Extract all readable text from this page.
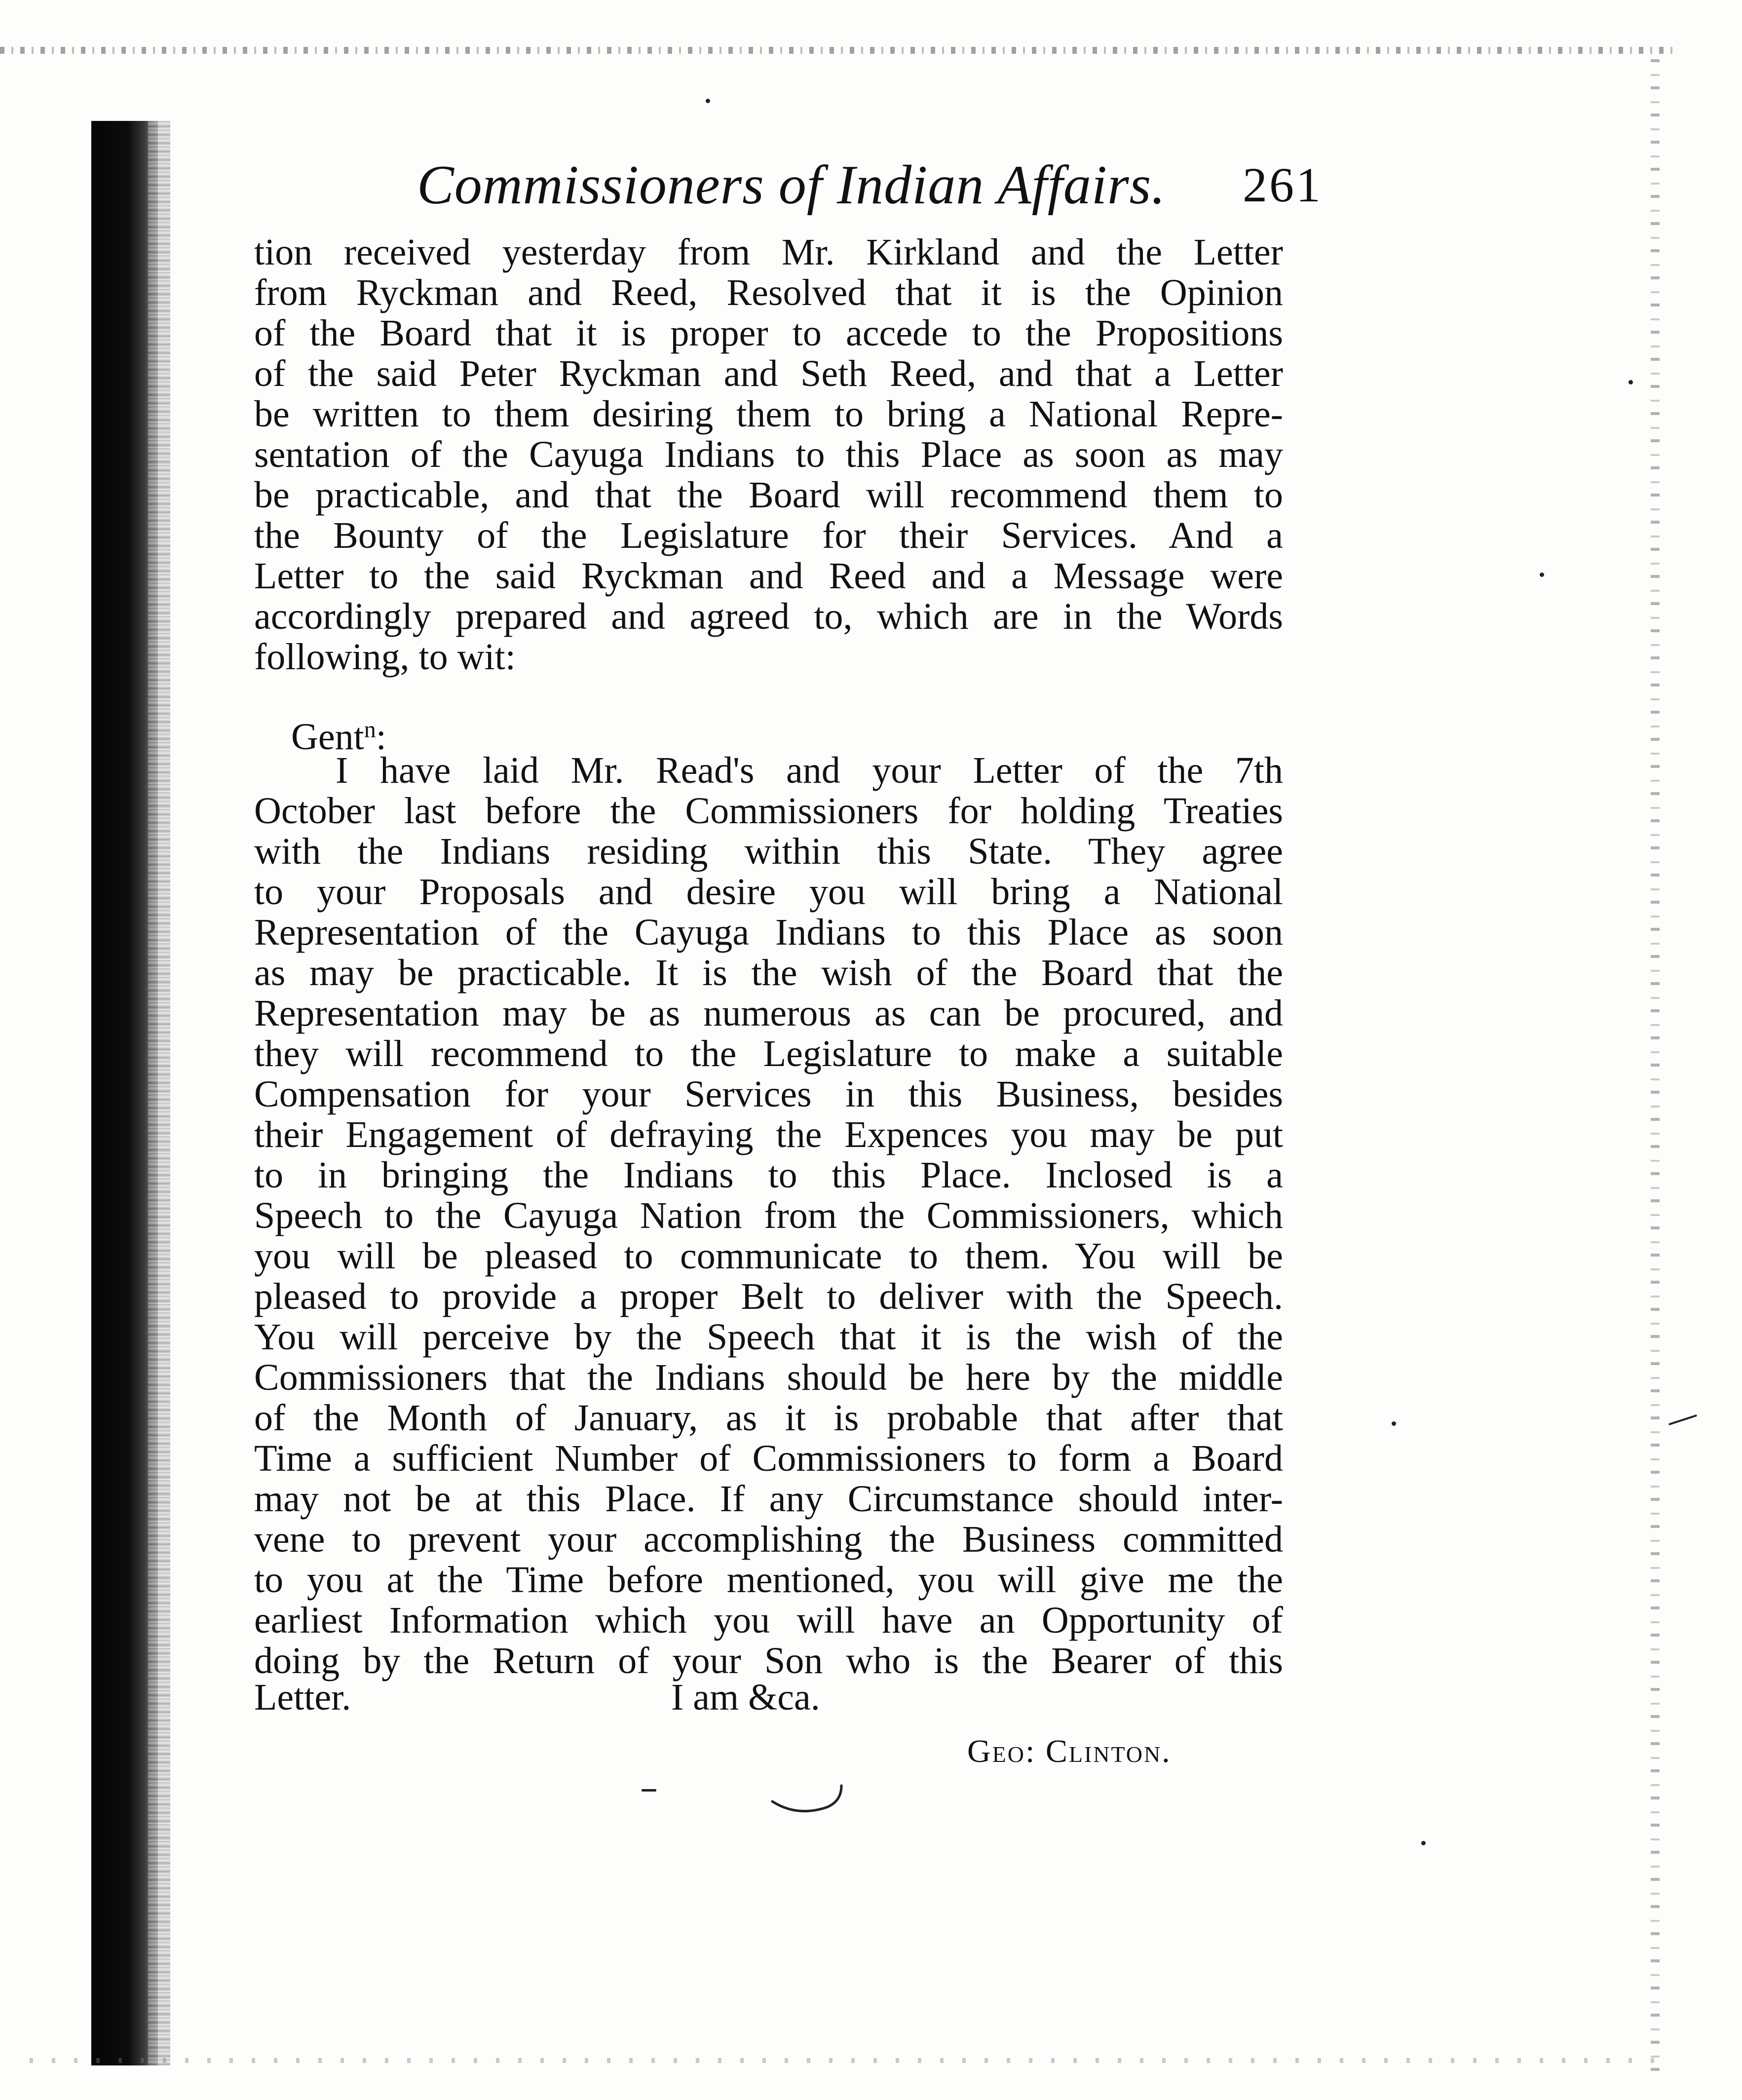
Commissioners of Indian Affairs.	261
tion received yesterday from Mr. Kirkland and the Letter
from Ryckman and Reed, Resolved that it is the Opinion
of the Board that it is proper to accede to the Propositions
of the said Peter Ryckman and Seth Reed, and that a Letter
be written to them desiring them to bring a National Repre-
sentation of the Cayuga Indians to this Place as soon as may
be practicable, and that the Board will recommend them to
the Bounty of the Legislature for their Services. And a
Letter to the said Ryckman and Reed and a Message were
accordingly prepared and agreed to, which are in the Words
following, to wit:
Gent$^n$:
I have laid Mr. Read's and your Letter of the 7th
October last before the Commissioners for holding Treaties
with the Indians residing within this State. They agree
to your Proposals and desire you will bring a National
Representation of the Cayuga Indians to this Place as soon
as may be practicable. It is the wish of the Board that the
Representation may be as numerous as can be procured, and
they will recommend to the Legislature to make a suitable
Compensation for your Services in this Business, besides
their Engagement of defraying the Expences you may be put
to in bringing the Indians to this Place. Inclosed is a
Speech to the Cayuga Nation from the Commissioners, which
you will be pleased to communicate to them. You will be
pleased to provide a proper Belt to deliver with the Speech.
You will perceive by the Speech that it is the wish of the
Commissioners that the Indians should be here by the middle
of the Month of January, as it is probable that after that
Time a sufficient Number of Commissioners to form a Board
may not be at this Place. If any Circumstance should inter-
vene to prevent your accomplishing the Business committed
to you at the Time before mentioned, you will give me the
earliest Information which you will have an Opportunity of
doing by the Return of your Son who is the Bearer of this
Letter.	I am &ca.
Geo: Clinton.
